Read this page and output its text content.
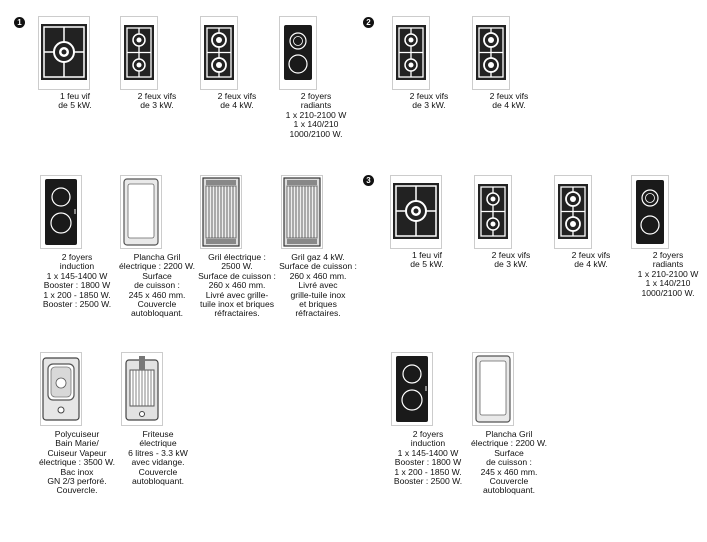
1	2
3
1 feu vif
de 5 kW.
2 feux vifs
de 3 kW.
2 feux vifs
de 4 kW.
2 foyers
radiants
1 x 210-2100 W
1 x 140/210
1000/2100 W.
2 feux vifs
de 3 kW.
2 feux vifs
de 4 kW.
2 foyers
induction
1 x 145-1400 W
Booster : 1800 W
1 x 200 - 1850 W.
Booster : 2500 W.
Plancha Gril
électrique : 2200 W.
Surface
de cuisson :
245 x 460 mm.
Couvercle
autobloquant.
Gril électrique :
2500 W.
Surface de cuisson :
260 x 460 mm.
Livré avec grille-
tuile inox et briques
réfractaires.
Gril gaz 4 kW.
Surface de cuisson :
260 x 460 mm.
Livré avec
grille-tuile inox
et briques
réfractaires.
1 feu vif
de 5 kW.
2 feux vifs
de 3 kW.
2 feux vifs
de 4 kW.
2 foyers
radiants
1 x 210-2100 W
1 x 140/210
1000/2100 W.
Polycuiseur
Bain Marie/
Cuiseur Vapeur
électrique : 3500 W.
Bac inox
GN 2/3 perforé.
Couvercle.
Friteuse
électrique
6 litres - 3.3 kW
avec vidange.
Couvercle
autobloquant.
2 foyers
induction
1 x 145-1400 W
Booster : 1800 W
1 x 200 - 1850 W.
Booster : 2500 W.
Plancha Gril
électrique : 2200 W.
Surface
de cuisson :
245 x 460 mm.
Couvercle
autobloquant.
